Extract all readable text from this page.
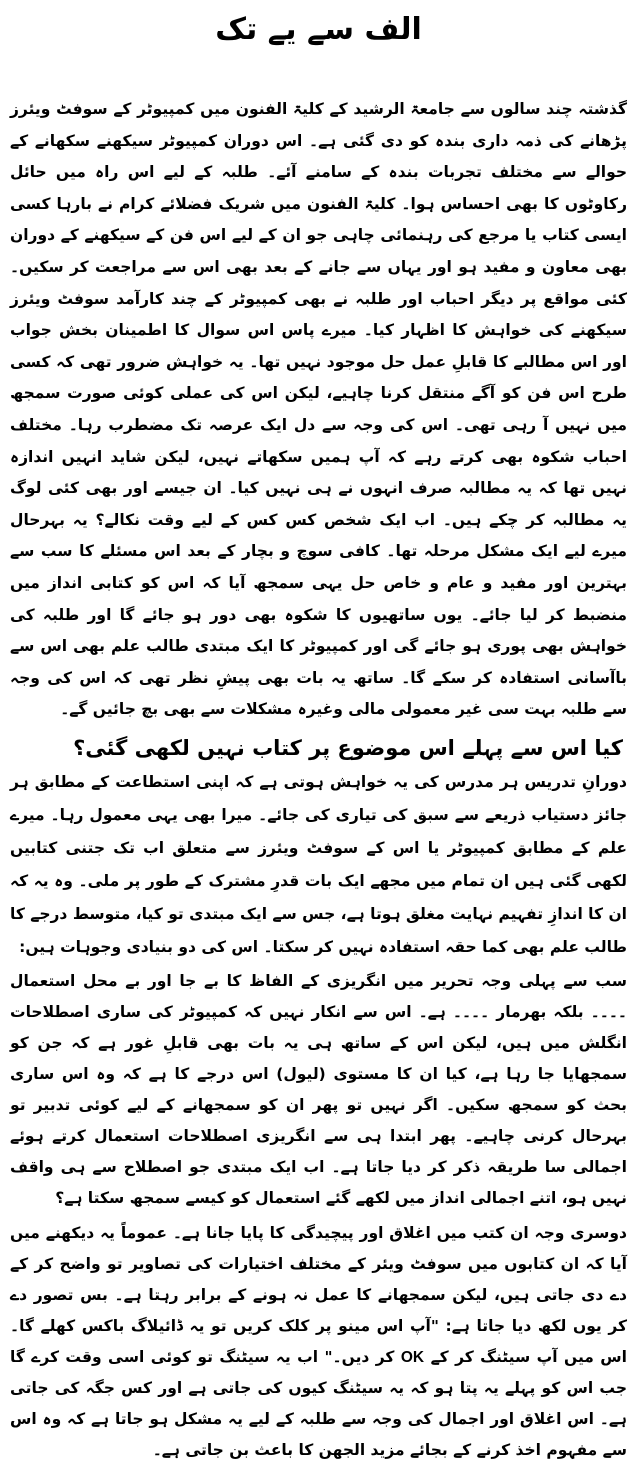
الف سے یے تک

گذشتہ چند سالوں سے جامعۃ الرشید کے کلیۃ الفنون میں کمپیوٹر کے سوفٹ ویئرز پڑھانے کی ذمہ داری بندہ کو دی گئی ہے۔ اس دوران کمپیوٹر سیکھنے سکھانے کے حوالے سے مختلف تجربات بندہ کے سامنے آئے۔ طلبہ کے لیے اس راہ میں حائل رکاوٹوں کا بھی احساس ہوا۔ کلیۃ الفنون میں شریک فضلائے کرام نے بارہا کسی ایسی کتاب یا مرجع کی رہنمائی چاہی جو ان کے لیے اس فن کے سیکھنے کے دوران بھی معاون و مفید ہو اور یہاں سے جانے کے بعد بھی اس سے مراجعت کر سکیں۔ کئی مواقع پر دیگر احباب اور طلبہ نے بھی کمپیوٹر کے چند کارآمد سوفٹ ویئرز سیکھنے کی خواہش کا اظہار کیا۔ میرے پاس اس سوال کا اطمینان بخش جواب اور اس مطالبے کا قابلِ عمل حل موجود نہیں تھا۔ یہ خواہش ضرور تھی کہ کسی طرح اس فن کو آگے منتقل کرنا چاہیے، لیکن اس کی عملی کوئی صورت سمجھ میں نہیں آ رہی تھی۔ اس کی وجہ سے دل ایک عرصہ تک مضطرب رہا۔ مختلف احباب شکوہ بھی کرتے رہے کہ آپ ہمیں سکھاتے نہیں، لیکن شاید انہیں اندازہ نہیں تھا کہ یہ مطالبہ صرف انہوں نے ہی نہیں کیا۔ ان جیسے اور بھی کئی لوگ یہ مطالبہ کر چکے ہیں۔ اب ایک شخص کس کس کے لیے وقت نکالے؟ یہ بہرحال میرے لیے ایک مشکل مرحلہ تھا۔ کافی سوچ و بچار کے بعد اس مسئلے کا سب سے بہترین اور مفید و عام و خاص حل یہی سمجھ آیا کہ اس کو کتابی انداز میں منضبط کر لیا جائے۔ یوں ساتھیوں کا شکوہ بھی دور ہو جائے گا اور طلبہ کی خواہش بھی پوری ہو جائے گی اور کمپیوٹر کا ایک مبتدی طالب علم بھی اس سے باآسانی استفادہ کر سکے گا۔ ساتھ یہ بات بھی پیشِ نظر تھی کہ اس کی وجہ سے طلبہ بہت سی غیر معمولی مالی وغیرہ مشکلات سے بھی بچ جائیں گے۔

کیا اس سے پہلے اس موضوع پر کتاب نہیں لکھی گئی؟

دورانِ تدریس ہر مدرس کی یہ خواہش ہوتی ہے کہ اپنی استطاعت کے مطابق ہر جائز دستیاب ذریعے سے سبق کی تیاری کی جائے۔ میرا بھی یہی معمول رہا۔ میرے علم کے مطابق کمپیوٹر یا اس کے سوفٹ ویئرز سے متعلق اب تک جتنی کتابیں لکھی گئی ہیں ان تمام میں مجھے ایک بات قدرِ مشترک کے طور پر ملی۔ وہ یہ کہ ان کا اندازِ تفہیم نہایت مغلق ہوتا ہے، جس سے ایک مبتدی تو کیا، متوسط درجے کا طالب علم بھی کما حقہ استفادہ نہیں کر سکتا۔ اس کی دو بنیادی وجوہات ہیں:

سب سے پہلی وجہ تحریر میں انگریزی کے الفاظ کا بے جا اور بے محل استعمال ۔۔۔۔ بلکہ بھرمار ۔۔۔۔ ہے۔ اس سے انکار نہیں کہ کمپیوٹر کی ساری اصطلاحات انگلش میں ہیں، لیکن اس کے ساتھ ہی یہ بات بھی قابلِ غور ہے کہ جن کو سمجھایا جا رہا ہے، کیا ان کا مستوی (لیول) اس درجے کا ہے کہ وہ اس ساری بحث کو سمجھ سکیں۔ اگر نہیں تو پھر ان کو سمجھانے کے لیے کوئی تدبیر تو بہرحال کرنی چاہیے۔ پھر ابتدا ہی سے انگریزی اصطلاحات استعمال کرتے ہوئے اجمالی سا طریقہ ذکر کر دیا جاتا ہے۔ اب ایک مبتدی جو اصطلاح سے ہی واقف نہیں ہو، اتنے اجمالی انداز میں لکھے گئے استعمال کو کیسے سمجھ سکتا ہے؟

دوسری وجہ ان کتب میں اغلاق اور پیچیدگی کا پایا جانا ہے۔ عموماً یہ دیکھنے میں آیا کہ ان کتابوں میں سوفٹ ویئر کے مختلف اختیارات کی تصاویر تو واضح کر کے دے دی جاتی ہیں، لیکن سمجھانے کا عمل نہ ہونے کے برابر رہتا ہے۔ بس تصور دے کر یوں لکھ دیا جاتا ہے: "آپ اس مینو پر کلک کریں تو یہ ڈائیلاگ باکس کھلے گا۔ اس میں آپ سیٹنگ کر کے OK کر دیں۔" اب یہ سیٹنگ تو کوئی اسی وقت کرے گا جب اس کو پہلے یہ پتا ہو کہ یہ سیٹنگ کیوں کی جاتی ہے اور کس جگہ کی جاتی ہے۔ اس اغلاق اور اجمال کی وجہ سے طلبہ کے لیے یہ مشکل ہو جاتا ہے کہ وہ اس سے مفہوم اخذ کرنے کے بجائے مزید الجھن کا باعث بن جاتی ہے۔
